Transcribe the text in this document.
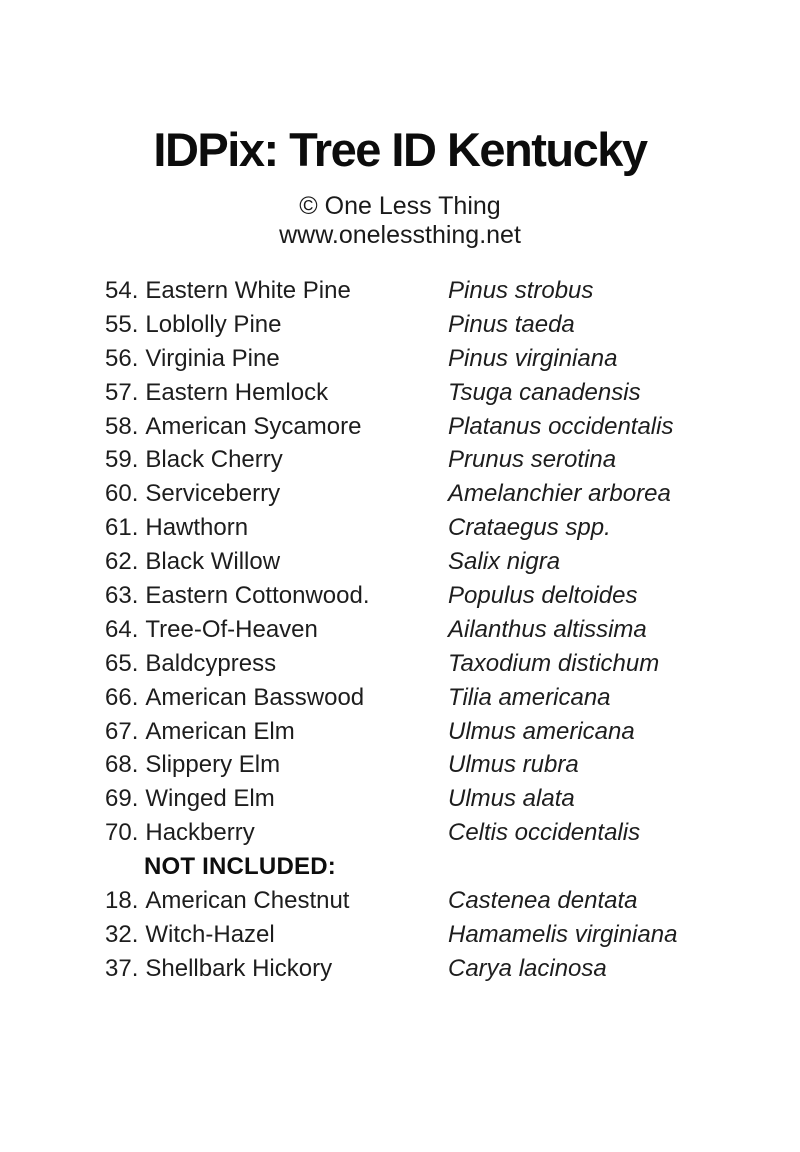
IDPix: Tree ID Kentucky
© One Less Thing
www.onelessthing.net
54. Eastern White Pine	Pinus strobus
55. Loblolly Pine	Pinus taeda
56. Virginia Pine	Pinus virginiana
57. Eastern Hemlock	Tsuga canadensis
58. American Sycamore	Platanus occidentalis
59. Black Cherry	Prunus serotina
60. Serviceberry	Amelanchier arborea
61. Hawthorn	Crataegus spp.
62. Black Willow	Salix nigra
63. Eastern Cottonwood.	Populus deltoides
64. Tree-Of-Heaven	Ailanthus altissima
65. Baldcypress	Taxodium distichum
66. American Basswood	Tilia americana
67. American Elm	Ulmus americana
68. Slippery Elm	Ulmus rubra
69. Winged Elm	Ulmus alata
70. Hackberry	Celtis occidentalis
NOT INCLUDED:
18. American Chestnut	Castenea dentata
32. Witch-Hazel	Hamamelis virginiana
37. Shellbark Hickory	Carya lacinosa
